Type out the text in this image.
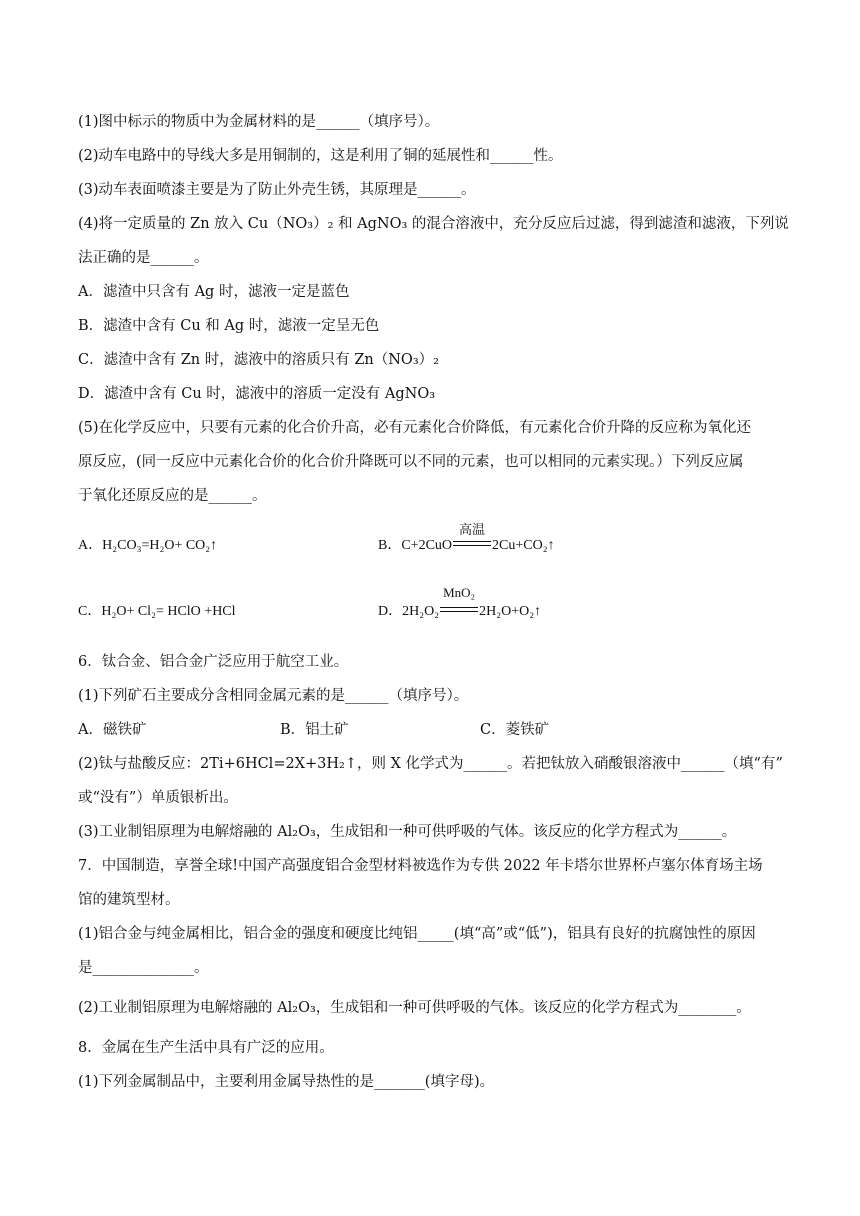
(1)图中标示的物质中为金属材料的是______（填序号）。
(2)动车电路中的导线大多是用铜制的，这是利用了铜的延展性和______性。
(3)动车表面喷漆主要是为了防止外壳生锈，其原理是______。
(4)将一定质量的 Zn 放入 Cu（NO₃）₂ 和 AgNO₃ 的混合溶液中，充分反应后过滤，得到滤渣和滤液，下列说
法正确的是______。
A．滤渣中只含有 Ag 时，滤液一定是蓝色
B．滤渣中含有 Cu 和 Ag 时，滤液一定呈无色
C．滤渣中含有 Zn 时，滤液中的溶质只有 Zn（NO₃）₂
D．滤渣中含有 Cu 时，滤液中的溶质一定没有 AgNO₃
(5)在化学反应中，只要有元素的化合价升高，必有元素化合价降低，有元素化合价升降的反应称为氧化还
原反应，(同一反应中元素化合价的化合价升降既可以不同的元素，也可以相同的元素实现。）下列反应属
于氧化还原反应的是______。
A．H₂CO₃=H₂O+ CO₂↑	B．C+2CuO
高温
2Cu+CO₂↑
C．H₂O+ Cl₂= HClO +HCl	D．2H₂O₂
MnO₂
2H₂O+O₂↑
6．钛合金、铝合金广泛应用于航空工业。
(1)下列矿石主要成分含相同金属元素的是______（填序号）。
A．磁铁矿	B．铝土矿	C．菱铁矿
(2)钛与盐酸反应：2Ti+6HCl=2X+3H₂↑，则 X 化学式为______。若把钛放入硝酸银溶液中______（填“有”
或“没有”）单质银析出。
(3)工业制铝原理为电解熔融的 Al₂O₃，生成铝和一种可供呼吸的气体。该反应的化学方程式为______。
7．中国制造，享誉全球!中国产高强度铝合金型材料被选作为专供 2022 年卡塔尔世界杯卢塞尔体育场主场
馆的建筑型材。
(1)铝合金与纯金属相比，铝合金的强度和硬度比纯铝_____(填“高”或“低”)，铝具有良好的抗腐蚀性的原因
是______________。
(2)工业制铝原理为电解熔融的 Al₂O₃，生成铝和一种可供呼吸的气体。该反应的化学方程式为________。
8．金属在生产生活中具有广泛的应用。
(1)下列金属制品中，主要利用金属导热性的是_______(填字母)。
